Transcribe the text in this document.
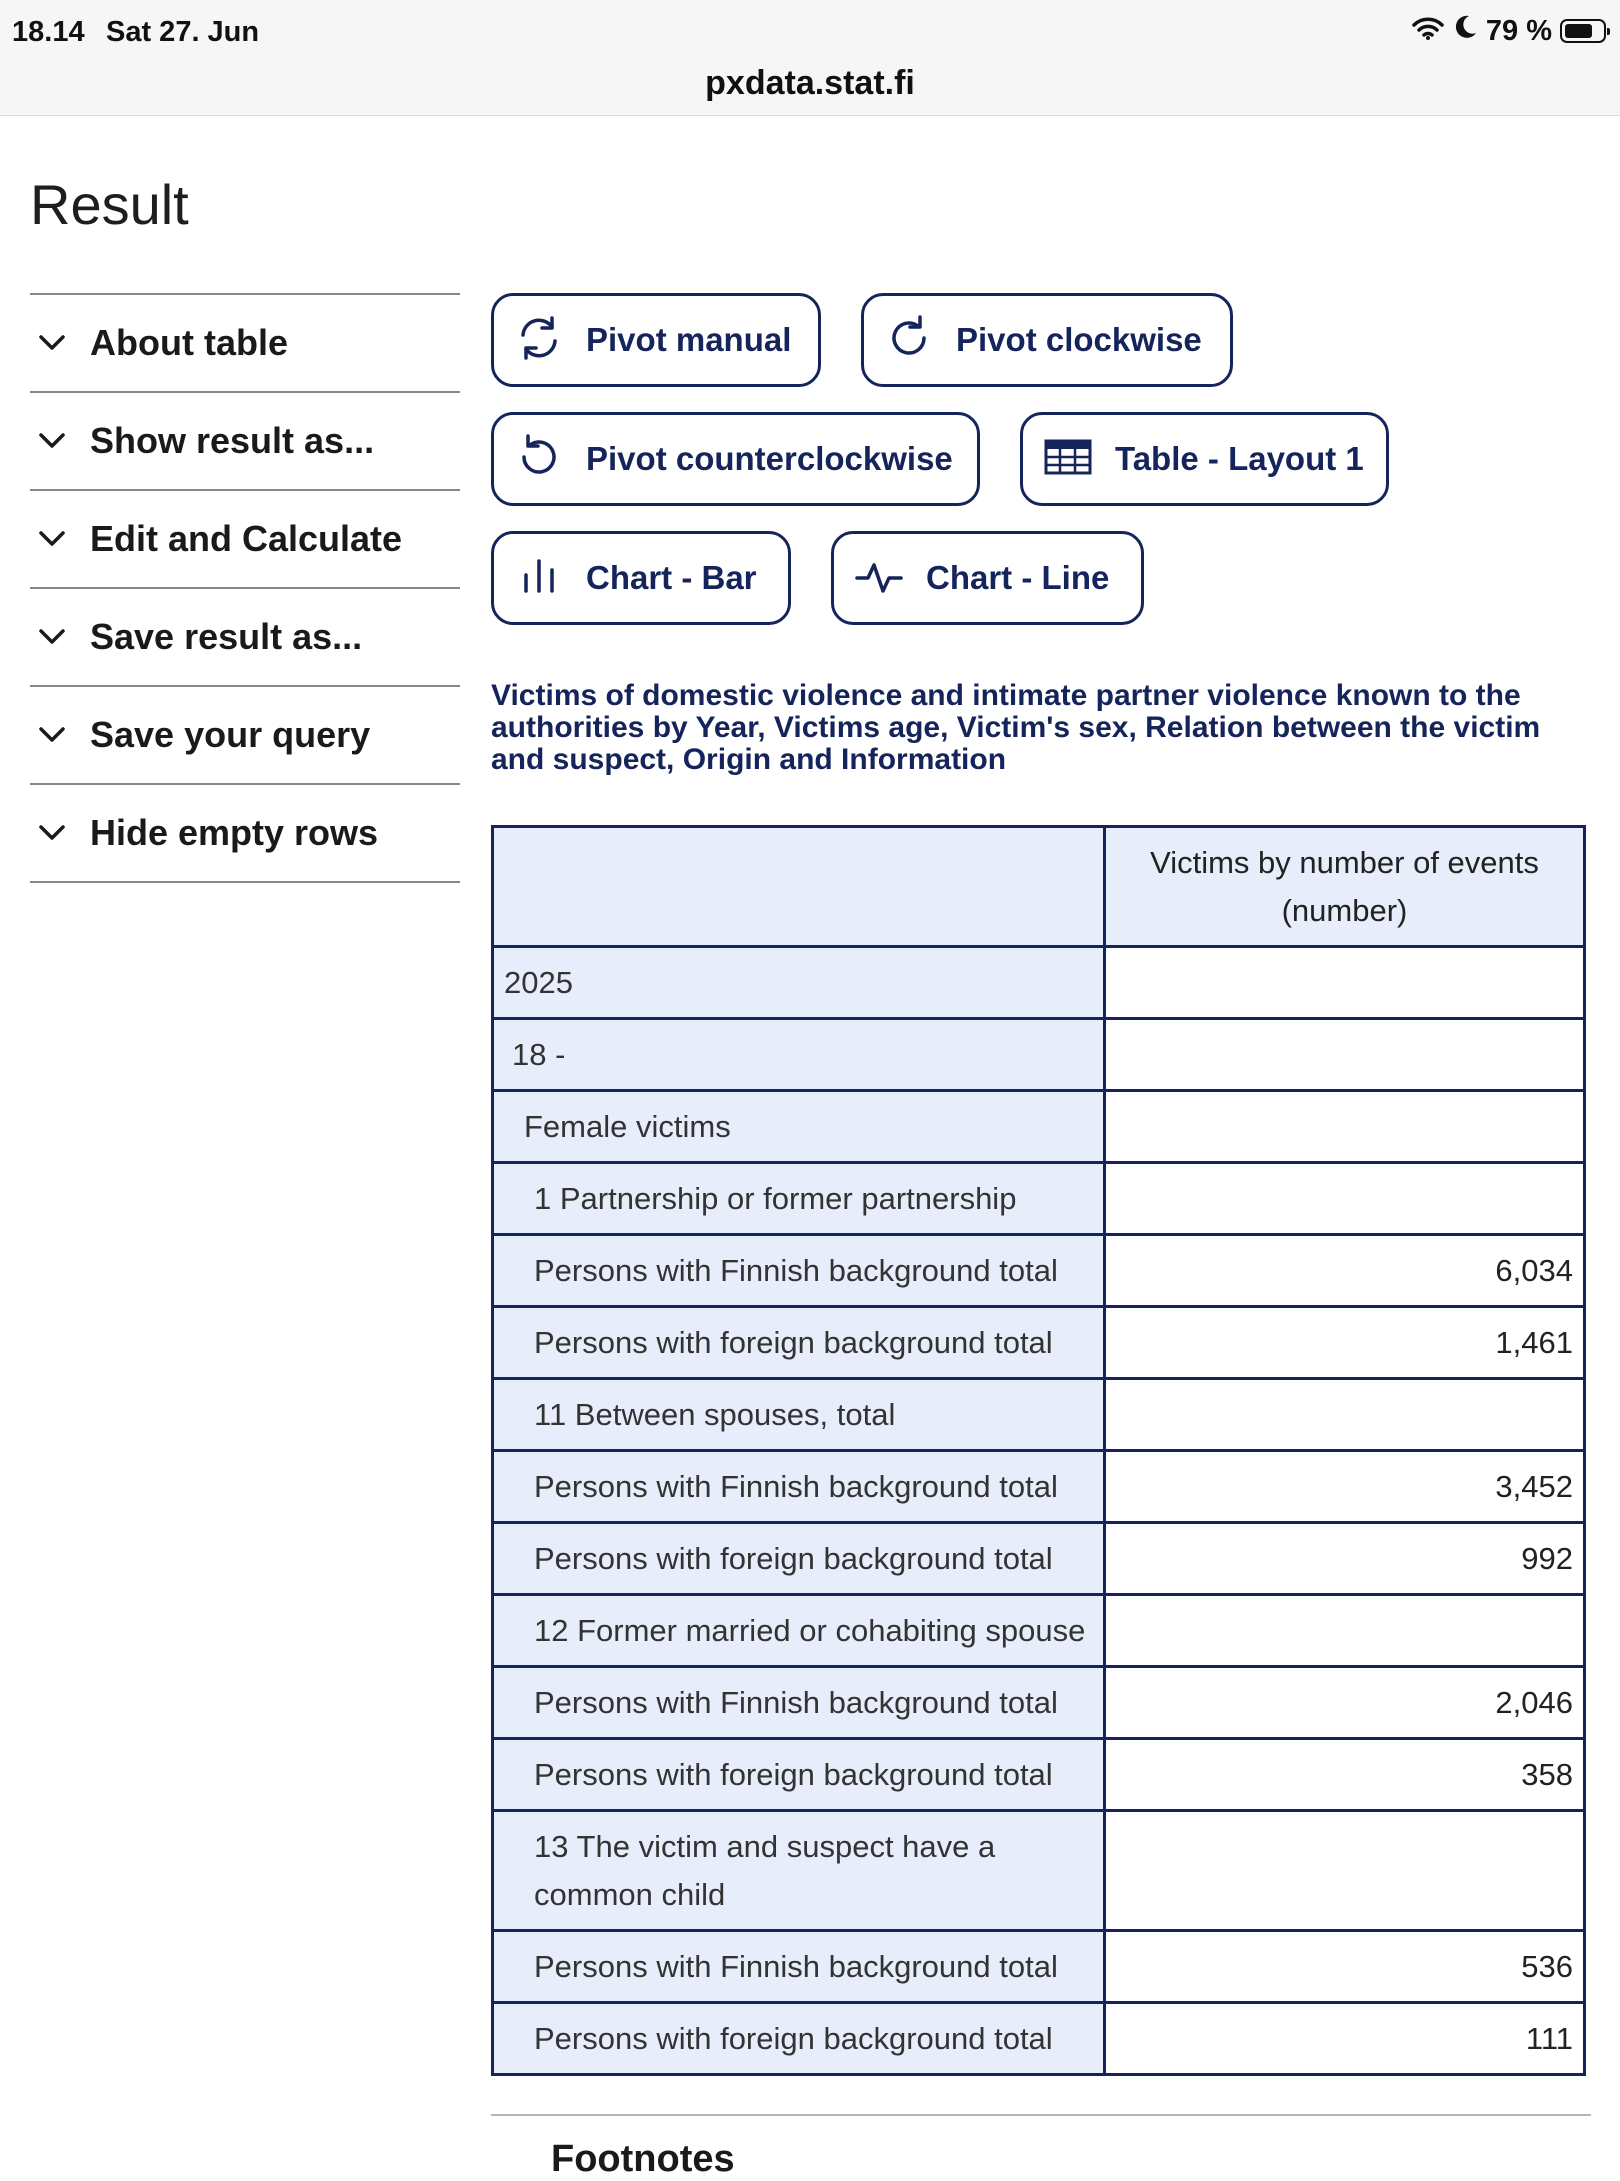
18.14 Sat 27. Jun	79 %
pxdata.stat.fi
Result
About table
Show result as...
Edit and Calculate
Save result as...
Save your query
Hide empty rows
Pivot manual	Pivot clockwise
Pivot counterclockwise	Table - Layout 1
Chart - Bar	Chart - Line
Victims of domestic violence and intimate partner violence known to the authorities by Year, Victims age, Victim's sex, Relation between the victim and suspect, Origin and Information
	Victims by number of events (number)
2025	
18 -	
Female victims	
1 Partnership or former partnership	
Persons with Finnish background total	6,034
Persons with foreign background total	1,461
11 Between spouses, total	
Persons with Finnish background total	3,452
Persons with foreign background total	992
12 Former married or cohabiting spouse	
Persons with Finnish background total	2,046
Persons with foreign background total	358
13 The victim and suspect have a common child	
Persons with Finnish background total	536
Persons with foreign background total	111
Footnotes
